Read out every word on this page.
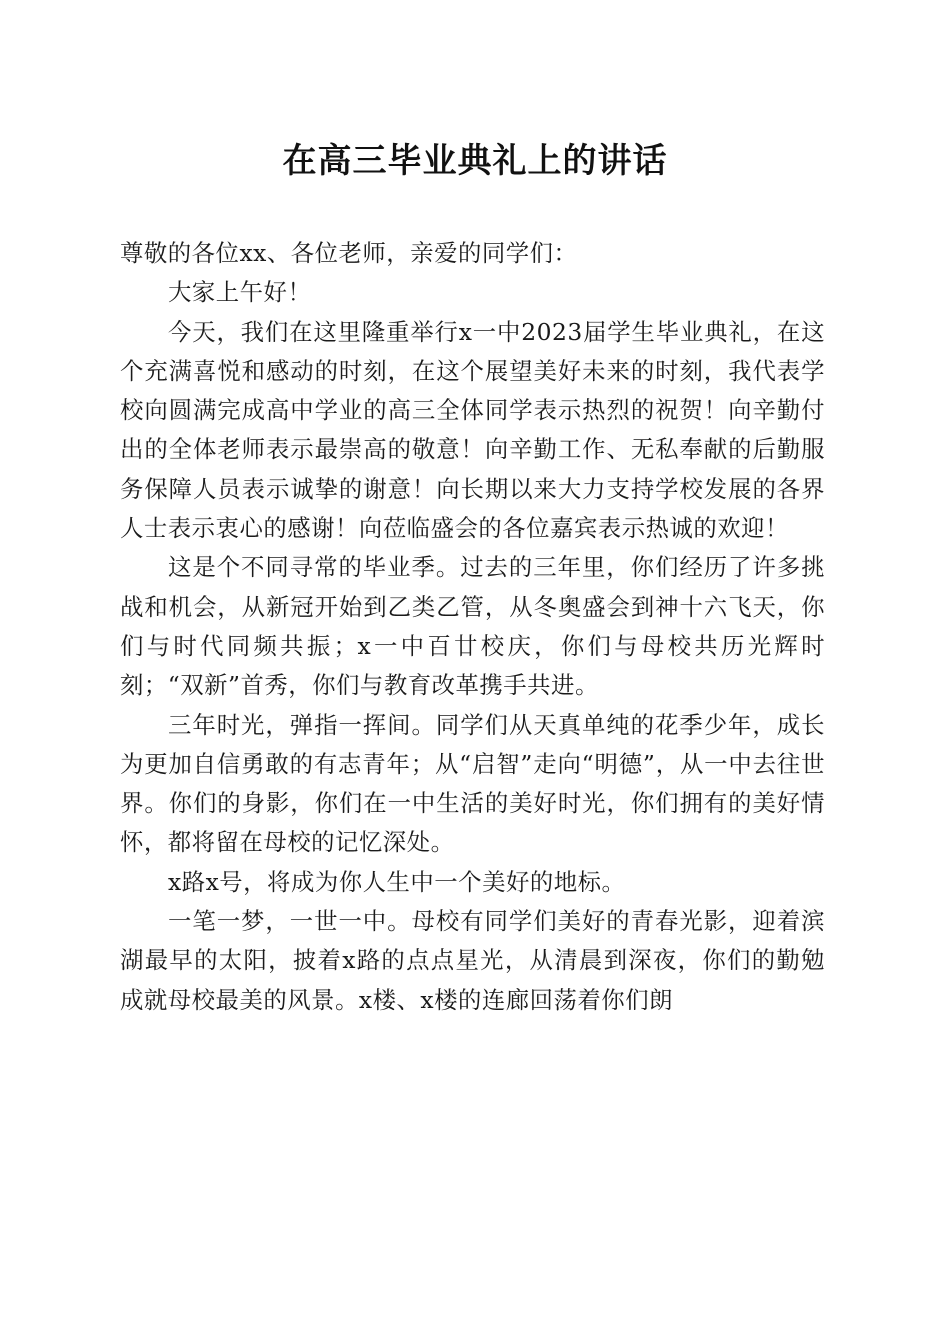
在高三毕业典礼上的讲话

尊敬的各位xx、各位老师，亲爱的同学们：

大家上午好！

今天，我们在这里隆重举行x一中2023届学生毕业典礼，在这个充满喜悦和感动的时刻，在这个展望美好未来的时刻，我代表学校向圆满完成高中学业的高三全体同学表示热烈的祝贺！向辛勤付出的全体老师表示最崇高的敬意！向辛勤工作、无私奉献的后勤服务保障人员表示诚挚的谢意！向长期以来大力支持学校发展的各界人士表示衷心的感谢！向莅临盛会的各位嘉宾表示热诚的欢迎！

这是个不同寻常的毕业季。过去的三年里，你们经历了许多挑战和机会，从新冠开始到乙类乙管，从冬奥盛会到神十六飞天，你们与时代同频共振；x一中百廿校庆，你们与母校共历光辉时刻；“双新”首秀，你们与教育改革携手共进。

三年时光，弹指一挥间。同学们从天真单纯的花季少年，成长为更加自信勇敢的有志青年；从“启智”走向“明德”，从一中去往世界。你们的身影，你们在一中生活的美好时光，你们拥有的美好情怀，都将留在母校的记忆深处。

x路x号，将成为你人生中一个美好的地标。

一笔一梦，一世一中。母校有同学们美好的青春光影，迎着滨湖最早的太阳，披着x路的点点星光，从清晨到深夜，你们的勤勉成就母校最美的风景。x楼、x楼的连廊回荡着你们朗
